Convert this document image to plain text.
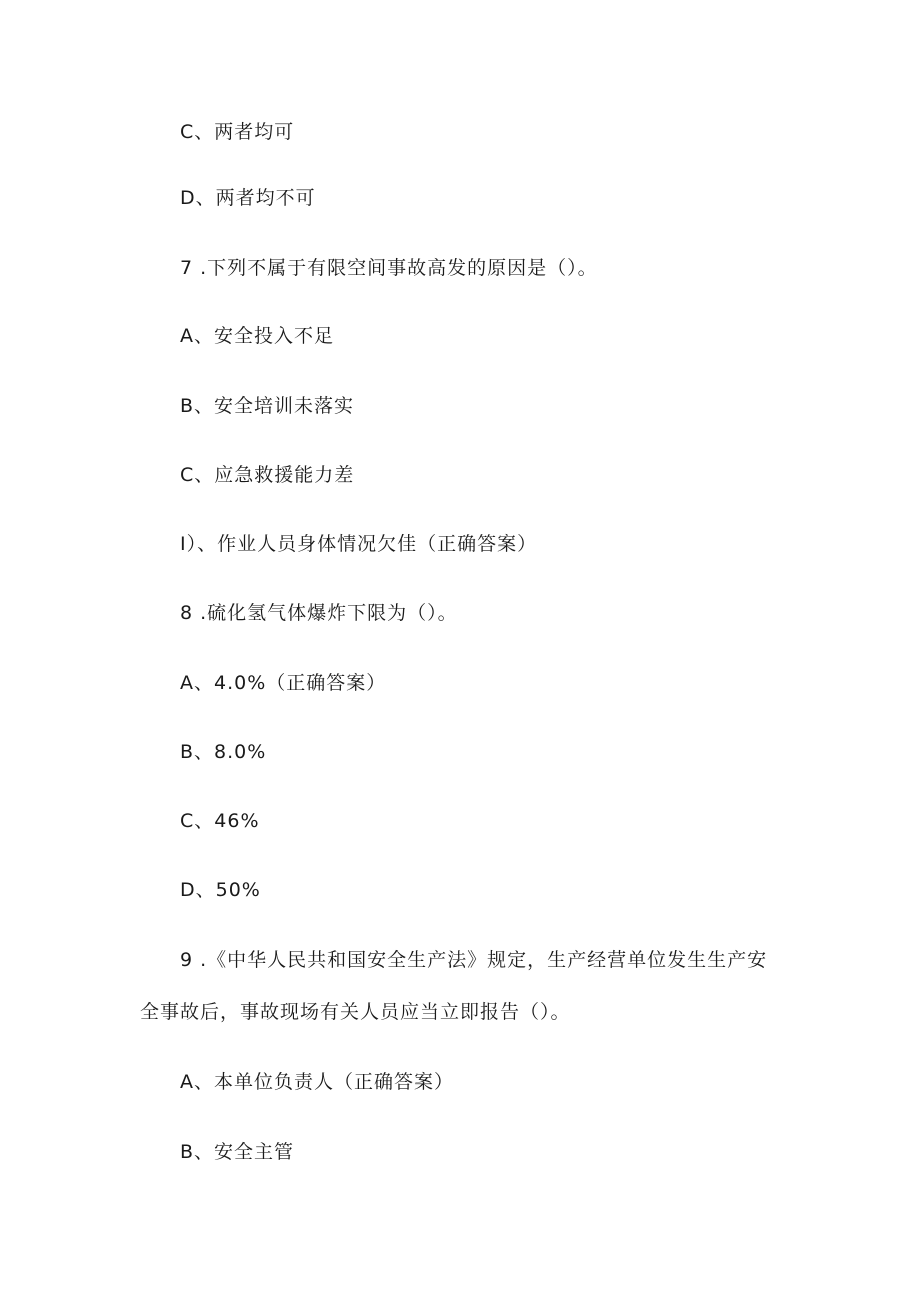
C、两者均可
D、两者均不可
7 .下列不属于有限空间事故高发的原因是（）。
A、安全投入不足
B、安全培训未落实
C、应急救援能力差
I）、作业人员身体情况欠佳（正确答案）
8 .硫化氢气体爆炸下限为（）。
A、4.0%（正确答案）
B、8.0%
C、46%
D、50%
9 .《中华人民共和国安全生产法》规定，生产经营单位发生生产安
全事故后，事故现场有关人员应当立即报告（）。
A、本单位负责人（正确答案）
B、安全主管
